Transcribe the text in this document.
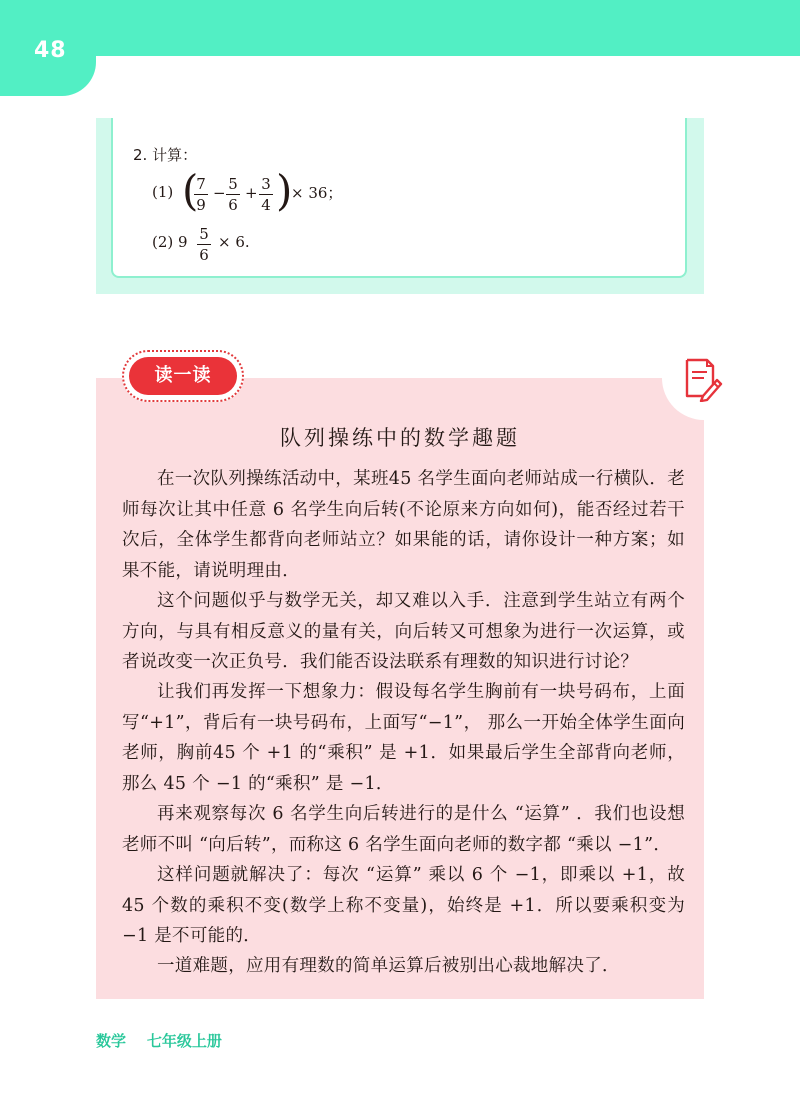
48
2. 计算：
(1) (
7
9
− 5
6
+ 3
4 )
× 36；
(2) 9 5
6
× 6.
读一读
队列操练中的数学趣题

在一次队列操练活动中，某班45 名学生面向老师站成一行横队．老师每次让其中任意 6 名学生向后转(不论原来方向如何)，能否经过若干次后，全体学生都背向老师站立？如果能的话，请你设计一种方案；如果不能，请说明理由．

这个问题似乎与数学无关，却又难以入手．注意到学生站立有两个方向，与具有相反意义的量有关，向后转又可想象为进行一次运算，或者说改变一次正负号．我们能否设法联系有理数的知识进行讨论？

让我们再发挥一下想象力：假设每名学生胸前有一块号码布，上面写“+1”，背后有一块号码布，上面写“−1”， 那么一开始全体学生面向老师，胸前45 个 +1 的“乘积” 是 +1．如果最后学生全部背向老师，那么 45 个 −1 的“乘积” 是 −1．

再来观察每次 6 名学生向后转进行的是什么 “运算” ．我们也设想老师不叫 “向后转”，而称这 6 名学生面向老师的数字都 “乘以 −1”．

这样问题就解决了：每次 “运算” 乘以 6 个 −1，即乘以 +1，故45 个数的乘积不变(数学上称不变量)，始终是 +1．所以要乘积变为 −1 是不可能的．

一道难题，应用有理数的简单运算后被别出心裁地解决了．

数学    七年级上册
